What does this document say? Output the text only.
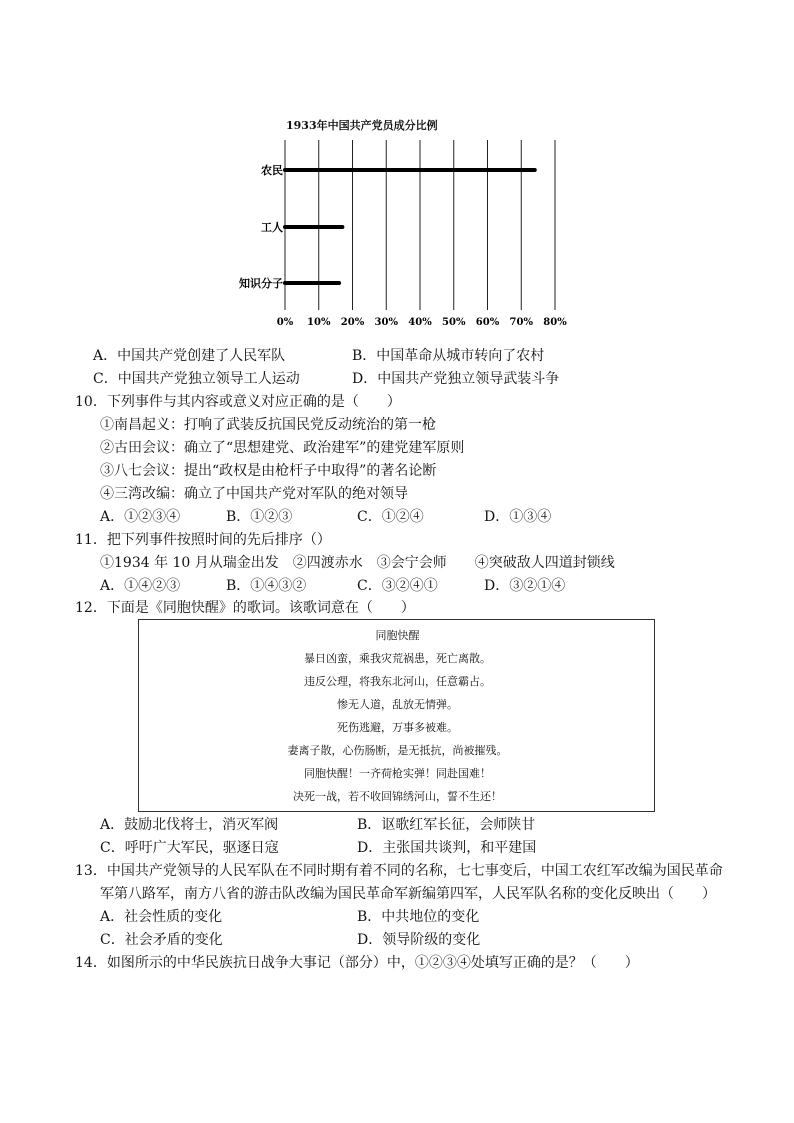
1933年中国共产党员成分比例
0% 10% 20% 30% 40% 50% 60% 70% 80%
农民
工人
知识分子
A．中国共产党创建了人民军队	B．中国革命从城市转向了农村
C．中国共产党独立领导工人运动	D．中国共产党独立领导武装斗争
10．下列事件与其内容或意义对应正确的是（　　）
①南昌起义：打响了武装反抗国民党反动统治的第一枪
②古田会议：确立了“思想建党、政治建军”的建党建军原则
③八七会议：提出“政权是由枪杆子中取得”的著名论断
④三湾改编：确立了中国共产党对军队的绝对领导
A．①②③④	B．①②③	C．①②④	D．①③④
11．把下列事件按照时间的先后排序（）
①1934 年 10 月从瑞金出发　②四渡赤水　③会宁会师　　④突破敌人四道封锁线
A．①④②③	B．①④③②	C．③②④①	D．③②①④
12．下面是《同胞快醒》的歌词。该歌词意在（　　）
同胞快醒
暴日凶蛮，乘我灾荒祸患，死亡离散。
违反公理，将我东北河山，任意霸占。
惨无人道，乱放无情弹。
死伤逃避，万事多被难。
妻离子散，心伤肠断，是无抵抗，尚被摧残。
同胞快醒！一齐荷枪实弹！同赴国难！
决死一战，若不收回锦绣河山，誓不生还！
A．鼓励北伐将士，消灭军阀	B．讴歌红军长征，会师陕甘
C．呼吁广大军民，驱逐日寇	D．主张国共谈判，和平建国
13．中国共产党领导的人民军队在不同时期有着不同的名称，七七事变后，中国工农红军改编为国民革命
军第八路军，南方八省的游击队改编为国民革命军新编第四军，人民军队名称的变化反映出（　　）
A．社会性质的变化	B．中共地位的变化
C．社会矛盾的变化	D．领导阶级的变化
14．如图所示的中华民族抗日战争大事记（部分）中，①②③④处填写正确的是？（　　）
